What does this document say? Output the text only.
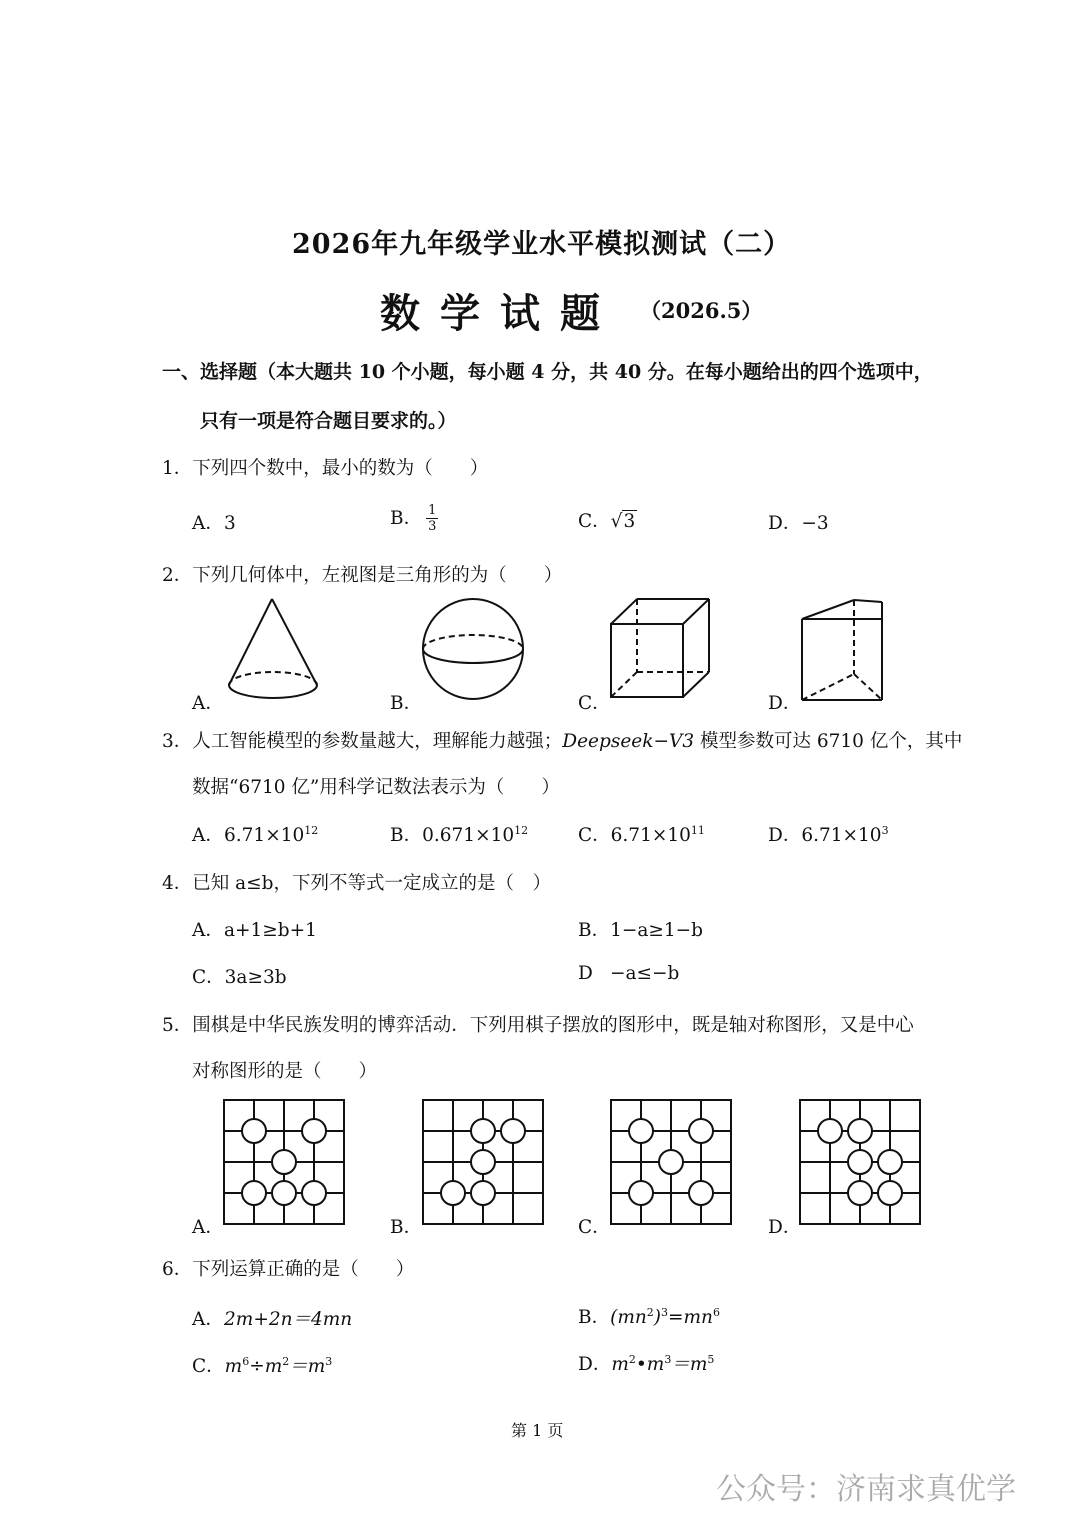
2026年九年级学业水平模拟测试（二）
数学试题 （2026.5）
一、选择题（本大题共 10 个小题，每小题 4 分，共 40 分。在每小题给出的四个选项中，
只有一项是符合题目要求的。）
1．下列四个数中，最小的数为（　　）
A．3	B． $\frac{1}{3}$	C．√3	D．−3
2．下列几何体中，左视图是三角形的为（　　）
A．	B．	C．	D．
3．人工智能模型的参数量越大，理解能力越强；Deepseek−V3 模型参数可达 6710 亿个，其中
数据“6710 亿”用科学记数法表示为（　　）
A．$6.71\times 10^{12}$	B．$0.671\times 10^{12}$	C．$6.71\times 10^{11}$	D．$6.71\times 10^3$
4．已知 a≤b，下列不等式一定成立的是（　）
A．a+1≥b+1	B．1−a≥1−b
C．3a≥3b	D −a≤−b
5．围棋是中华民族发明的博弈活动．下列用棋子摆放的图形中，既是轴对称图形，又是中心
对称图形的是（　　）
A．	B．	C．	D．
6．下列运算正确的是（　　）
A．2m+2n＝4mn	B．$(mn^2)^3=mn^6$
C．$m^6\div m^2=m^3$	D．$m^2•m^3=m^5$
第 1 页
公众号：济南求真优学
